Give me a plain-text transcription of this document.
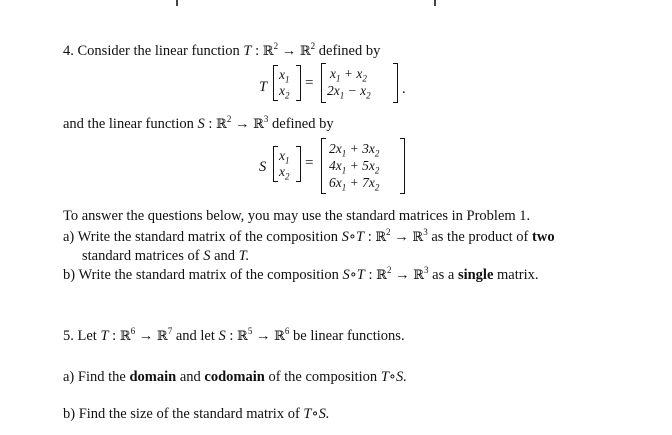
4. Consider the linear function T : ℝ$^2$ → ℝ$^2$ defined by
T
$x_1$
$x_2$
=
$x_1 + x_2$
$2x_1 - x_2$ .
and the linear function S : ℝ$^2$ → ℝ$^3$ defined by
S
$x_1$
$x_2$
=
$2x_1 + 3x_2$
$4x_1 + 5x_2$
$6x_1 + 7x_2$
To answer the questions below, you may use the standard matrices in Problem 1.
a) Write the standard matrix of the composition S∘T : ℝ$^2$ → ℝ$^3$ as the product of two
standard matrices of S and T.
b) Write the standard matrix of the composition S∘T : ℝ$^2$ → ℝ$^3$ as a single matrix.
5. Let T : ℝ$^6$ → ℝ$^7$ and let S : ℝ$^5$ → ℝ$^6$ be linear functions.
a) Find the domain and codomain of the composition T∘S.
b) Find the size of the standard matrix of T∘S.
